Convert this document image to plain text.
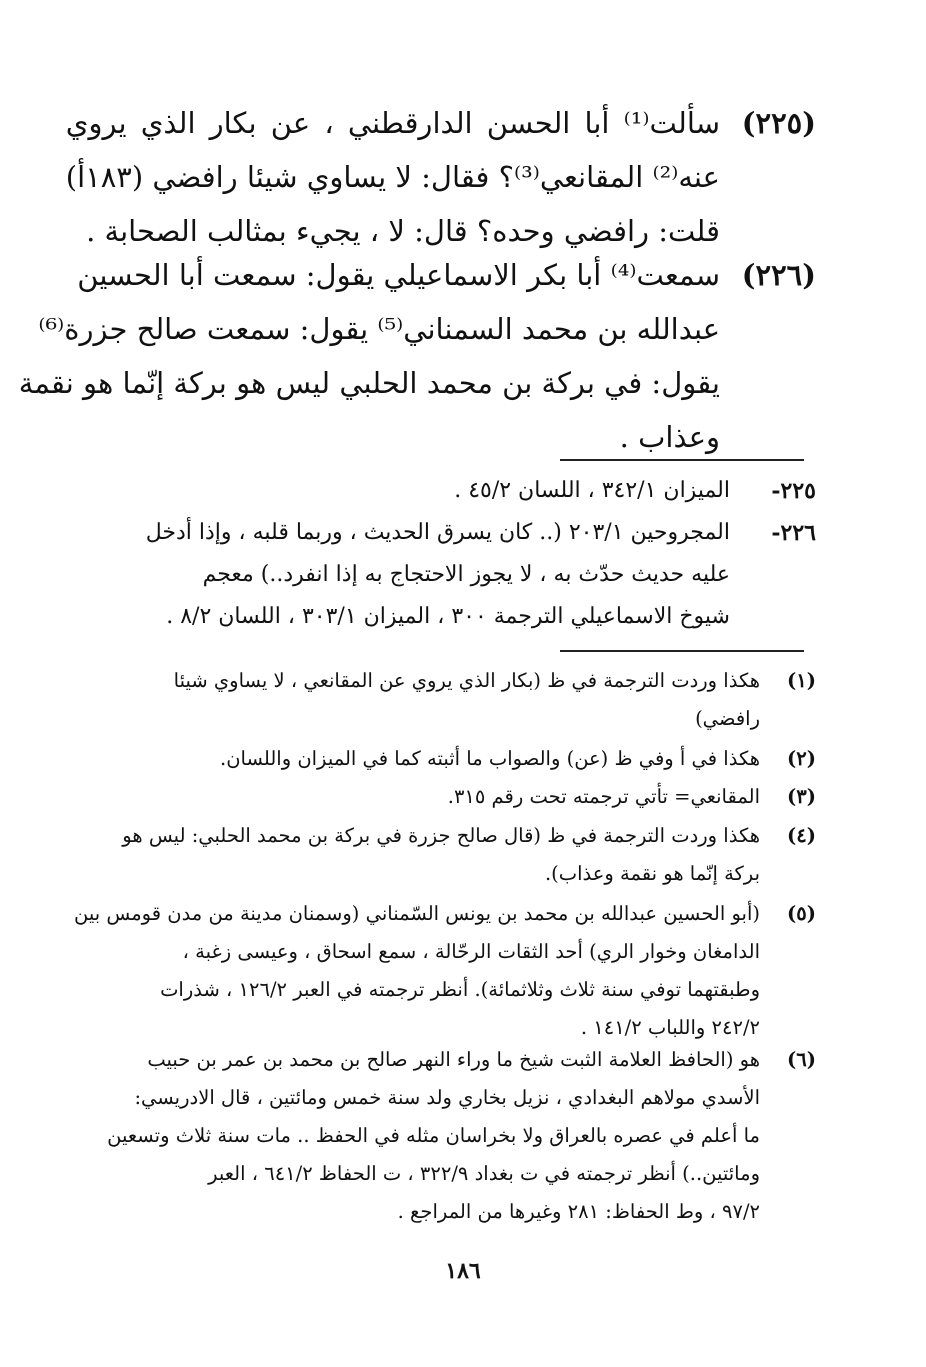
(٢٢٥)
سألت⁽¹⁾ أبا الحسن الدارقطني ، عن بكار الذي يروي
عنه⁽²⁾ المقانعي⁽³⁾؟ فقال: لا يساوي شيئا رافضي (١٨٣أ)
قلت: رافضي وحده؟ قال: لا ، يجيء بمثالب الصحابة .
(٢٢٦)
سمعت⁽⁴⁾ أبا بكر الاسماعيلي يقول: سمعت أبا الحسين
عبدالله بن محمد السمناني⁽⁵⁾ يقول: سمعت صالح جزرة⁽⁶⁾
يقول: في بركة بن محمد الحلبي ليس هو بركة إنّما هو نقمة
وعذاب .
٢٢٥-
الميزان ٣٤٢/١ ، اللسان ٤٥/٢ .
٢٢٦-
المجروحين ٢٠٣/١ (.. كان يسرق الحديث ، وربما قلبه ، وإذا أدخل
عليه حديث حدّث به ، لا يجوز الاحتجاج به إذا انفرد..) معجم
شيوخ الاسماعيلي الترجمة ٣٠٠ ، الميزان ٣٠٣/١ ، اللسان ٨/٢ .
(١)
هكذا وردت الترجمة في ظ (بكار الذي يروي عن المقانعي ، لا يساوي شيئا
رافضي)
(٢)
هكذا في أ وفي ظ (عن) والصواب ما أثبته كما في الميزان واللسان.
(٣)
المقانعي= تأتي ترجمته تحت رقم ٣١٥.
(٤)
هكذا وردت الترجمة في ظ (قال صالح جزرة في بركة بن محمد الحلبي: ليس هو
بركة إنّما هو نقمة وعذاب).
(٥)
(أبو الحسين عبدالله بن محمد بن يونس السّمناني (وسمنان مدينة من مدن قومس بين
الدامغان وخوار الري) أحد الثقات الرحّالة ، سمع اسحاق ، وعيسى زغبة ،
وطبقتهما توفي سنة ثلاث وثلاثمائة). أنظر ترجمته في العبر ١٢٦/٢ ، شذرات
٢٤٢/٢ واللباب ١٤١/٢ .
(٦)
هو (الحافظ العلامة الثبت شيخ ما وراء النهر صالح بن محمد بن عمر بن حبيب
الأسدي مولاهم البغدادي ، نزيل بخاري ولد سنة خمس ومائتين ، قال الادريسي:
ما أعلم في عصره بالعراق ولا بخراسان مثله في الحفظ .. مات سنة ثلاث وتسعين
ومائتين..) أنظر ترجمته في ت بغداد ٣٢٢/٩ ، ت الحفاظ ٦٤١/٢ ، العبر
٩٧/٢ ، وط الحفاظ: ٢٨١ وغيرها من المراجع .
١٨٦
